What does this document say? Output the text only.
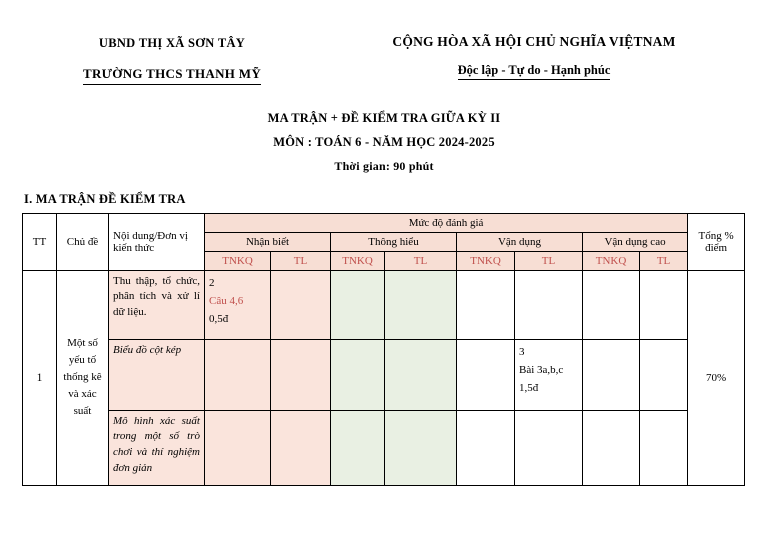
UBND THỊ XÃ SƠN TÂY
TRƯỜNG THCS THANH MỸ
CỘNG HÒA XÃ HỘI CHỦ NGHĨA VIỆTNAM
Độc lập - Tự do - Hạnh phúc
MA TRẬN + ĐỀ KIỂM TRA GIỮA KỲ II
MÔN : TOÁN 6 - NĂM HỌC 2024-2025
Thời gian: 90 phút
I. MA TRẬN ĐỀ KIỂM TRA
TT	Chủ đề	Nội dung/Đơn vị kiến thức	Mức độ đánh giá								Tổng % điểm
			Nhận biết		Thông hiểu		Vận dụng		Vận dụng cao		
			TNKQ	TL	TNKQ	TL	TNKQ	TL	TNKQ	TL	
1	Một số yếu tố thống kê và xác suất	Thu thập, tổ chức, phân tích và xử lí dữ liệu.	2
Câu 4,6
0,5đ								70%
		Biểu đồ cột kép						3
Bài 3a,b,c
1,5đ			

		Mô hình xác suất trong một số trò chơi và thí nghiệm đơn giản									
